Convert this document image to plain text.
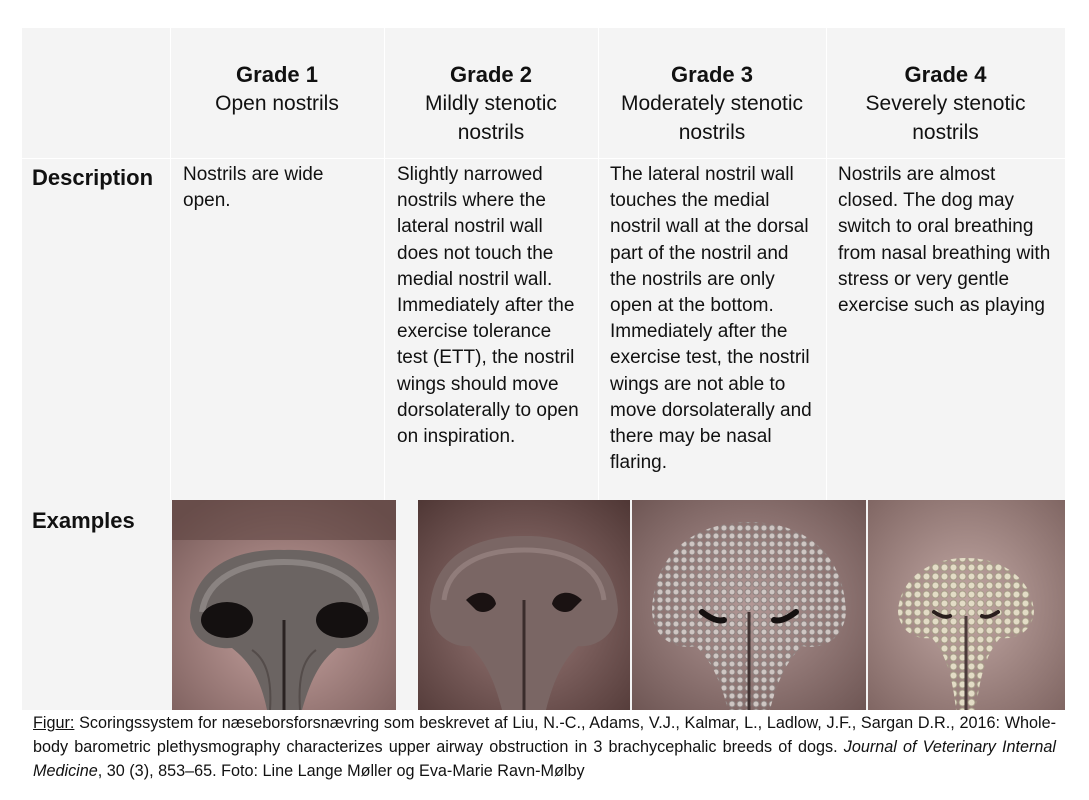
Grade 1
Open nostrils
Grade 2
Mildly stenotic nostrils
Grade 3
Moderately stenotic nostrils
Grade 4
Severely stenotic nostrils
Description
Examples
Nostrils are wide open.
Slightly narrowed nostrils where the lateral nostril wall does not touch the medial nostril wall. Immediately after the exercise tolerance test (ETT), the nostril wings should move dorsolaterally to open on inspiration.
The lateral nostril wall touches the medial nostril wall at the dorsal part of the nostril and the nostrils are only open at the bottom. Immediately after the exercise test, the nostril wings are not able to move dorsolaterally and there may be nasal flaring.
Nostrils are almost closed. The dog may switch to oral breathing from nasal breathing with stress or very gentle exercise such as playing
Figur: Scoringssystem for næseborsforsnævring som beskrevet af Liu, N.-C., Adams, V.J., Kalmar, L., Ladlow, J.F., Sargan D.R., 2016: Whole-body barometric plethysmography characterizes upper airway obstruction in 3 brachycephalic breeds of dogs. Journal of Veterinary Internal Medicine, 30 (3), 853–65. Foto: Line Lange Møller og Eva-Marie Ravn-Mølby
